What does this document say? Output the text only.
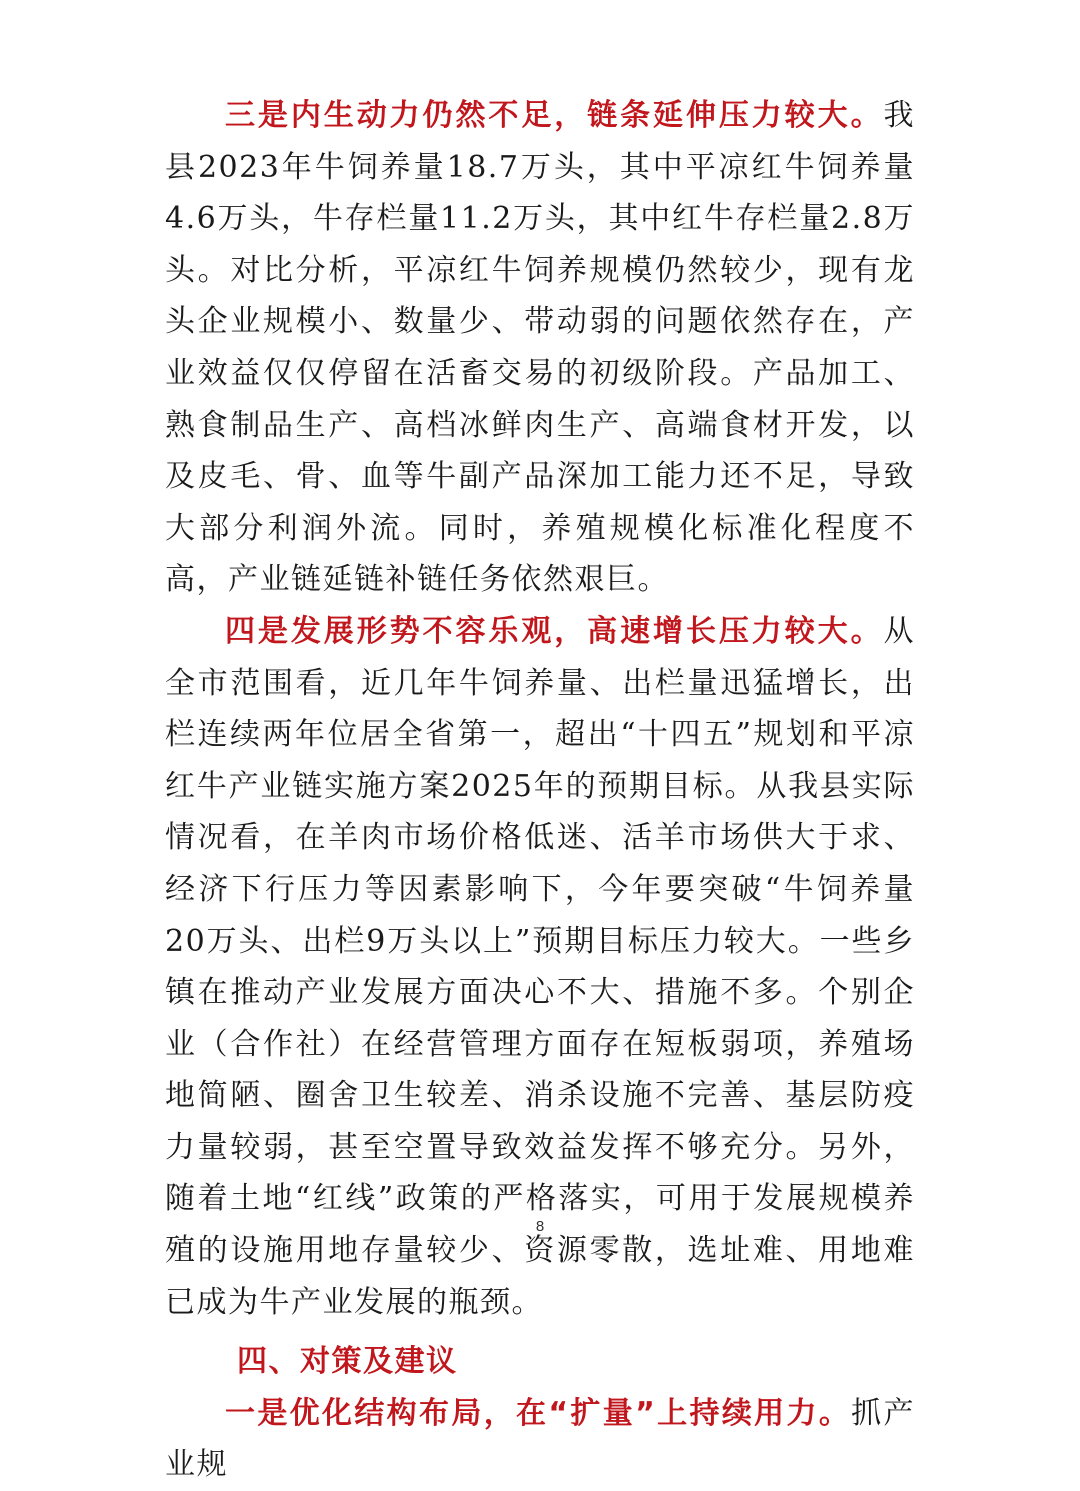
三是内生动力仍然不足，链条延伸压力较大。我县2023年牛饲养量18.7万头，其中平凉红牛饲养量4.6万头，牛存栏量11.2万头，其中红牛存栏量2.8万头。对比分析，平凉红牛饲养规模仍然较少，现有龙头企业规模小、数量少、带动弱的问题依然存在，产业效益仅仅停留在活畜交易的初级阶段。产品加工、熟食制品生产、高档冰鲜肉生产、高端食材开发，以及皮毛、骨、血等牛副产品深加工能力还不足，导致大部分利润外流。同时，养殖规模化标准化程度不高，产业链延链补链任务依然艰巨。

四是发展形势不容乐观，高速增长压力较大。从全市范围看，近几年牛饲养量、出栏量迅猛增长，出栏连续两年位居全省第一，超出“十四五”规划和平凉红牛产业链实施方案2025年的预期目标。从我县实际情况看，在羊肉市场价格低迷、活羊市场供大于求、经济下行压力等因素影响下，今年要突破“牛饲养量20万头、出栏9万头以上”预期目标压力较大。一些乡镇在推动产业发展方面决心不大、措施不多。个别企业（合作社）在经营管理方面存在短板弱项，养殖场地简陋、圈舍卫生较差、消杀设施不完善、基层防疫力量较弱，甚至空置导致效益发挥不够充分。另外，随着土地“红线”政策的严格落实，可用于发展规模养殖的设施用地存量较少、资源零散，选址难、用地难已成为牛产业发展的瓶颈。

四、对策及建议

一是优化结构布局，在“扩量”上持续用力。抓产业规

8
